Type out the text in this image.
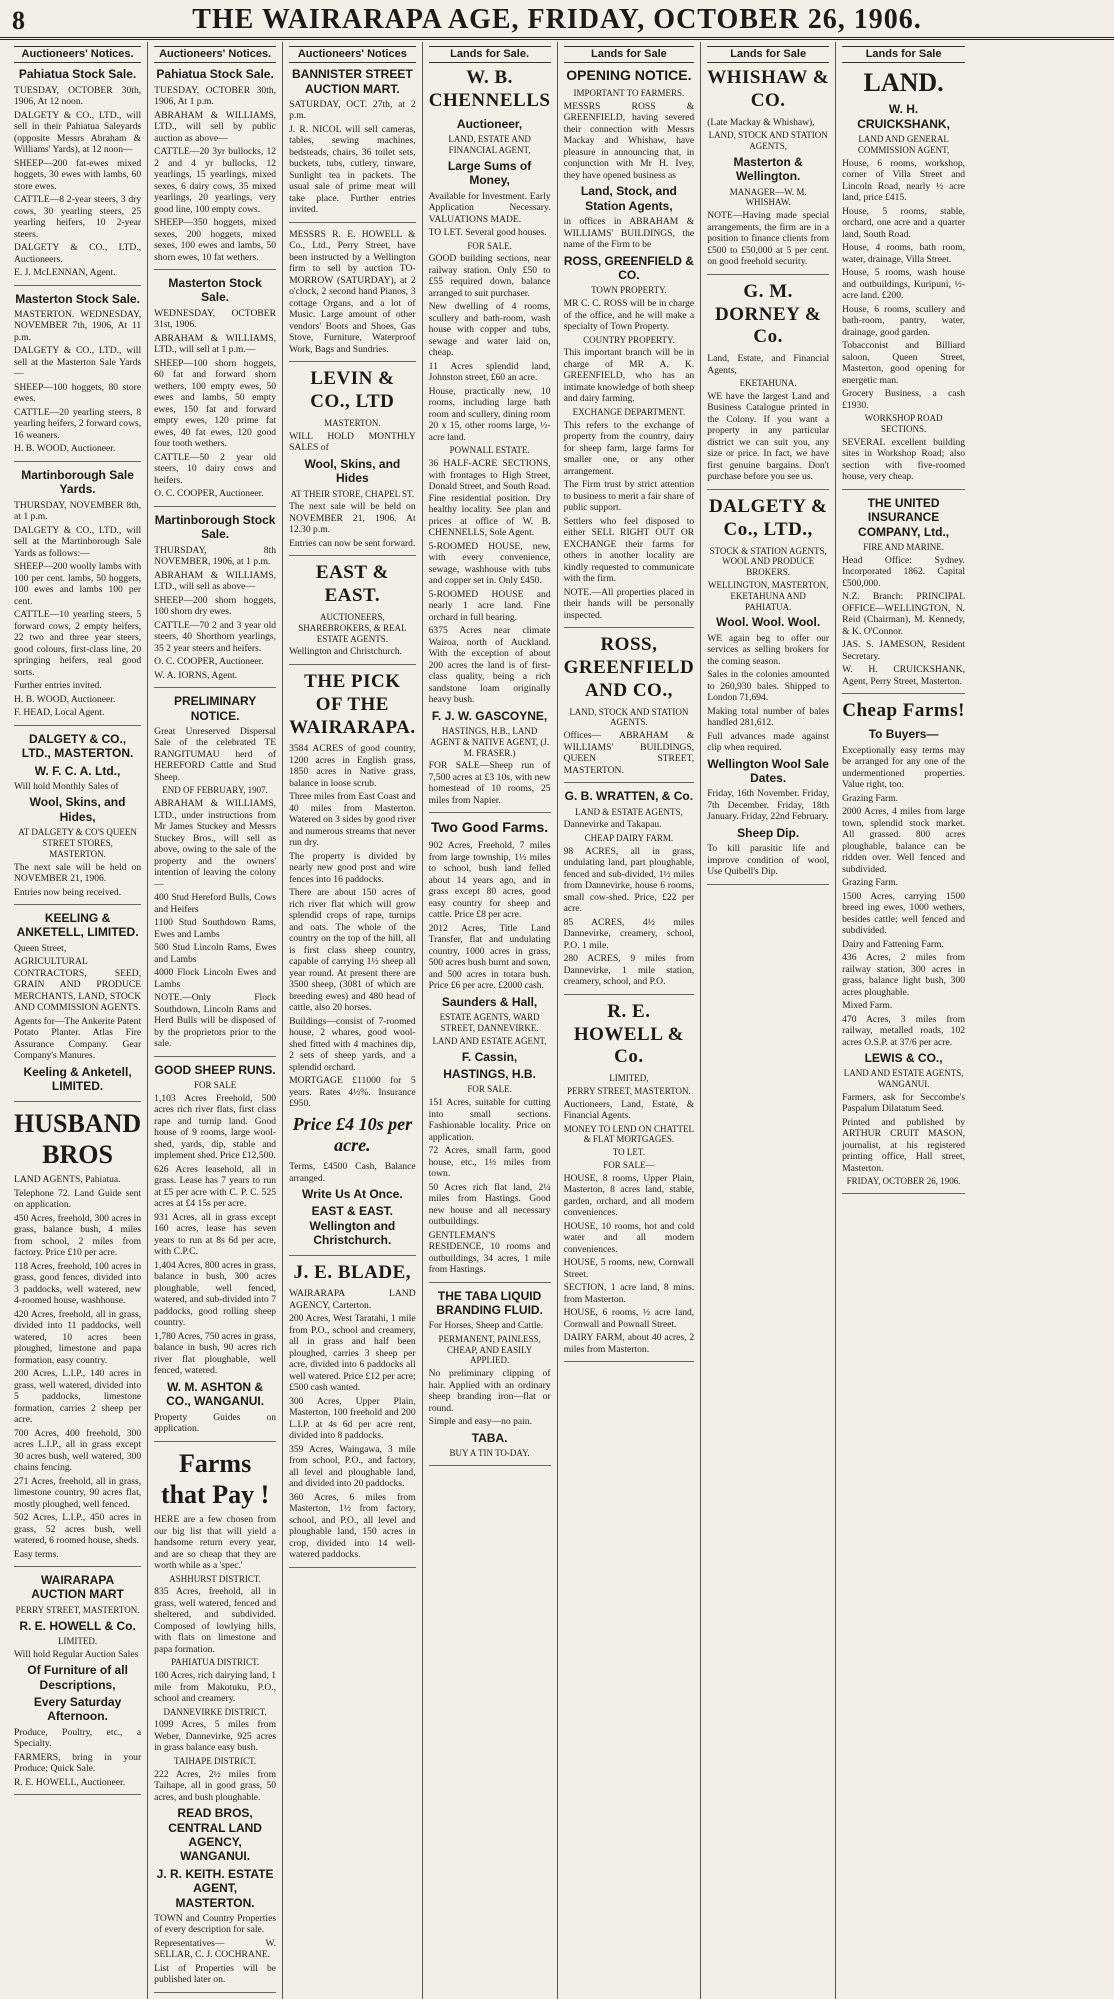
8	THE WAIRARAPA AGE, FRIDAY, OCTOBER 26, 1906.
Auctioneers' Notices.
Pahiatua Stock Sale.
TUESDAY, OCTOBER 30th, 1906, At 12 noon.
DALGETY & CO., LTD., will sell in their Pahiatua Saleyards (opposite Messrs Abraham & Williams' Yards), at 12 noon—
SHEEP—200 fat-ewes mixed hoggets, 30 ewes with lambs, 60 store ewes.
CATTLE—8 2-year steers, 3 dry cows, 30 yearling steers, 25 yearling heifers, 10 2-year steers.
DALGETY & CO., LTD., Auctioneers.
E. J. McLENNAN, Agent.
Masterton Stock Sale.
MASTERTON. WEDNESDAY, NOVEMBER 7th, 1906, At 11 p.m.
DALGETY & CO., LTD., will sell at the Masterton Sale Yards—
SHEEP—100 hoggets, 80 store ewes.
CATTLE—20 yearling steers, 8 yearling heifers, 2 forward cows, 16 weaners.
H. B. WOOD, Auctioneer.
Martinborough Sale Yards.
THURSDAY, NOVEMBER 8th, at 1 p.m.
DALGETY & CO., LTD., will sell at the Martinborough Sale Yards as follows:—
SHEEP—200 woolly lambs with 100 per cent. lambs, 50 hoggets, 100 ewes and lambs 100 per cent.
CATTLE—10 yearling steers, 5 forward cows, 2 empty heifers, 22 two and three year steers, good colours, first-class line, 20 springing heifers, real good sorts.
Further entries invited.
H. B. WOOD, Auctioneer.
F. HEAD, Local Agent.
DALGETY & CO., LTD., MASTERTON.
W. F. C. A. Ltd.,
Will hold Monthly Sales of
Wool, Skins, and Hides,
AT DALGETY & CO'S QUEEN STREET STORES, MASTERTON.
The next sale will be held on NOVEMBER 21, 1906.
Entries now being received.
KEELING & ANKETELL, LIMITED.
Queen Street,
AGRICULTURAL CONTRACTORS, SEED, GRAIN AND PRODUCE MERCHANTS, LAND, STOCK AND COMMISSION AGENTS.
Agents for—The Ankerite Patent Potato Planter. Atlas Fire Assurance Company. Gear Company's Manures.
Keeling & Anketell, LIMITED.
HUSBAND BROS
LAND AGENTS, Pahiatua.
Telephone 72. Land Guide sent on application.
450 Acres, freehold, 300 acres in grass, balance bush, 4 miles from school, 2 miles from factory. Price £10 per acre.
118 Acres, freehold, 100 acres in grass, good fences, divided into 3 paddocks, well watered, new 4-roomed house, washhouse.
420 Acres, freehold, all in grass, divided into 11 paddocks, well watered, 10 acres been ploughed, limestone and papa formation, easy country.
200 Acres, L.I.P., 140 acres in grass, well watered, divided into 5 paddocks, limestone formation, carries 2 sheep per acre.
700 Acres, 400 freehold, 300 acres L.I.P., all in grass except 30 acres bush, well watered, 300 chains fencing.
271 Acres, freehold, all in grass, limestone country, 90 acres flat, mostly ploughed, well fenced.
502 Acres, L.I.P., 450 acres in grass, 52 acres bush, well watered, 6 roomed house, sheds.
Easy terms.
WAIRARAPA AUCTION MART
PERRY STREET, MASTERTON.
R. E. HOWELL & Co.
LIMITED.
Will hold Regular Auction Sales
Of Furniture of all Descriptions,
Every Saturday Afternoon.
Produce, Poultry, etc., a Specialty.
FARMERS, bring in your Produce; Quick Sale.
R. E. HOWELL, Auctioneer.
Auctioneers' Notices.
Pahiatua Stock Sale.
TUESDAY, OCTOBER 30th, 1906, At 1 p.m.
ABRAHAM & WILLIAMS, LTD., will sell by public auction as above—
CATTLE—20 3yr bullocks, 12 2 and 4 yr bullocks, 12 yearlings, 15 yearlings, mixed sexes, 6 dairy cows, 35 mixed yearlings, 20 yearlings, very good line, 100 empty cows.
SHEEP—350 hoggets, mixed sexes, 200 hoggets, mixed sexes, 100 ewes and lambs, 50 shorn ewes, 10 fat wethers.
Masterton Stock Sale.
WEDNESDAY, OCTOBER 31st, 1906.
ABRAHAM & WILLIAMS, LTD., will sell at 1 p.m.—
SHEEP—100 shorn hoggets, 60 fat and forward shorn wethers, 100 empty ewes, 50 ewes and lambs, 50 empty ewes, 150 fat and forward empty ewes, 120 prime fat ewes, 40 fat ewes, 120 good four tooth wethers.
CATTLE—50 2 year old steers, 10 dairy cows and heifers.
O. C. COOPER, Auctioneer.
Martinborough Stock Sale.
THURSDAY, 8th NOVEMBER, 1906, at 1 p.m.
ABRAHAM & WILLIAMS, LTD., will sell as above—
SHEEP—200 shorn hoggets, 100 shorn dry ewes.
CATTLE—70 2 and 3 year old steers, 40 Shorthorn yearlings, 35 2 year steers and heifers.
O. C. COOPER, Auctioneer.
W. A. IORNS, Agent.
PRELIMINARY NOTICE.
Great Unreserved Dispersal Sale of the celebrated TE RANGITUMAU herd of HEREFORD Cattle and Stud Sheep.
END OF FEBRUARY, 1907.
ABRAHAM & WILLIAMS, LTD., under instructions from Mr James Stuckey and Messrs Stuckey Bros., will sell as above, owing to the sale of the property and the owners' intention of leaving the colony—
400 Stud Hereford Bulls, Cows and Heifers
1100 Stud Southdown Rams, Ewes and Lambs
500 Stud Lincoln Rams, Ewes and Lambs
4000 Flock Lincoln Ewes and Lambs
NOTE.—Only Flock Southdown, Lincoln Rams and Herd Bulls will be disposed of by the proprietors prior to the sale.
GOOD SHEEP RUNS.
FOR SALE
1,103 Acres Freehold, 500 acres rich river flats, first class rape and turnip land. Good house of 9 rooms, large wool-shed, yards, dip, stable and implement shed. Price £12,500.
626 Acres leasehold, all in grass. Lease has 7 years to run at £5 per acre with C. P. C. 525 acres at £4 15s per acre.
931 Acres, all in grass except 160 acres, lease has seven years to run at 8s 6d per acre, with C.P.C.
1,404 Acres, 800 acres in grass, balance in bush, 300 acres ploughable, well fenced, watered, and sub-divided into 7 paddocks, good rolling sheep country.
1,780 Acres, 750 acres in grass, balance in bush, 90 acres rich river flat ploughable, well fenced, watered.
W. M. ASHTON & CO., WANGANUI.
Property Guides on application.
Farms that Pay !
HERE are a few chosen from our big list that will yield a handsome return every year, and are so cheap that they are worth while as a 'spec.'
ASHHURST DISTRICT.
835 Acres, freehold, all in grass, well watered, fenced and sheltered, and subdivided. Composed of lowlying hills, with flats on limestone and papa formation.
PAHIATUA DISTRICT.
100 Acres, rich dairying land, 1 mile from Makotuku, P.O., school and creamery.
DANNEVIRKE DISTRICT.
1099 Acres, 5 miles from Weber, Dannevirke, 925 acres in grass balance easy bush.
TAIHAPE DISTRICT.
222 Acres, 2½ miles from Taihape, all in good grass, 50 acres, and bush ploughable.
READ BROS, CENTRAL LAND AGENCY, WANGANUI.
J. R. KEITH. ESTATE AGENT, MASTERTON.
TOWN and Country Properties of every description for sale.
Representatives— W. SELLAR, C. J. COCHRANE.
List of Properties will be published later on.
Auctioneers' Notices
BANNISTER STREET AUCTION MART.
SATURDAY, OCT. 27th, at 2 p.m.
J. R. NICOL will sell cameras, tables, sewing machines, bedsteads, chairs, 36 toilet sets, buckets, tubs, cutlery, tinware, Sunlight tea in packets. The usual sale of prime meat will take place. Further entries invited.
MESSRS R. E. HOWELL & Co., Ltd., Perry Street, have been instructed by a Wellington firm to sell by auction TO-MORROW (SATURDAY), at 2 o'clock, 2 second hand Pianos, 3 cottage Organs, and a lot of Music. Large amount of other vendors' Boots and Shoes, Gas Stove, Furniture, Waterproof Work, Bags and Sundries.
LEVIN & CO., LTD
MASTERTON.
WILL HOLD MONTHLY SALES of
Wool, Skins, and Hides
AT THEIR STORE, CHAPEL ST.
The next sale will be held on NOVEMBER 21, 1906. At 12.30 p.m.
Entries can now be sent forward.
EAST & EAST.
AUCTIONEERS, SHAREBROKERS, & REAL ESTATE AGENTS.
Wellington and Christchurch.
THE PICK OF THE WAIRARAPA.
3584 ACRES of good country, 1200 acres in English grass, 1850 acres in Native grass, balance in loose scrub.
Three miles from East Coast and 40 miles from Masterton. Watered on 3 sides by good river and numerous streams that never run dry.
The property is divided by nearly new good post and wire fences into 16 paddocks.
There are about 150 acres of rich river flat which will grow splendid crops of rape, turnips and oats. The whole of the country on the top of the hill, all is first class sheep country, capable of carrying 1½ sheep all year round. At present there are 3500 sheep, (3081 of which are breeding ewes) and 480 head of cattle, also 20 horses.
Buildings—consist of 7-roomed house, 2 whares, good wool-shed fitted with 4 machines dip, 2 sets of sheep yards, and a splendid orchard.
MORTGAGE £11000 for 5 years. Rates 4½%. Insurance £950.
Price £4 10s per acre.
Terms, £4500 Cash, Balance arranged.
Write Us At Once.
EAST & EAST. Wellington and Christchurch.
J. E. BLADE,
WAIRARAPA LAND AGENCY, Carterton.
200 Acres, West Taratahi, 1 mile from P.O., school and creamery, all in grass and half been ploughed, carries 3 sheep per acre, divided into 6 paddocks all well watered. Price £12 per acre; £500 cash wanted.
300 Acres, Upper Plain, Masterton, 100 freehold and 200 L.I.P. at 4s 6d per acre rent, divided into 8 paddocks.
359 Acres, Waingawa, 3 mile from school, P.O., and factory, all level and ploughable land, and divided into 20 paddocks.
360 Acres, 6 miles from Masterton, 1½ from factory, school, and P.O., all level and ploughable land, 150 acres in crop, divided into 14 well-watered paddocks.
Lands for Sale.
W. B. CHENNELLS
Auctioneer,
LAND, ESTATE AND FINANCIAL AGENT,
Large Sums of Money,
Available for Investment. Early Application Necessary. VALUATIONS MADE.
TO LET. Several good houses.
FOR SALE.
GOOD building sections, near railway station. Only £50 to £55 required down, balance arranged to suit purchaser.
New dwelling of 4 rooms, scullery and bath-room, wash house with copper and tubs, sewage and water laid on, cheap.
11 Acres splendid land, Johnston street, £60 an acre.
House, practically new, 10 rooms, including large bath room and scullery, dining room 20 x 15, other rooms large, ½-acre land.
POWNALL ESTATE.
36 HALF-ACRE SECTIONS, with frontages to High Street, Donald Street, and South Road. Fine residential position. Dry healthy locality. See plan and prices at office of W. B. CHENNELLS, Sole Agent.
5-ROOMED HOUSE, new, with every convenience, sewage, washhouse with tubs and copper set in. Only £450.
5-ROOMED HOUSE and nearly 1 acre land. Fine orchard in full bearing.
6375 Acres near climate Wairoa, north of Auckland. With the exception of about 200 acres the land is of first-class quality, being a rich sandstone loam originally heavy bush.
F. J. W. GASCOYNE,
HASTINGS, H.B., LAND AGENT & NATIVE AGENT, (J. M. FRASER.)
FOR SALE—Sheep run of 7,500 acres at £3 10s, with new homestead of 10 rooms, 25 miles from Napier.
Two Good Farms.
902 Acres, Freehold, 7 miles from large township, 1½ miles to school, bush land felled about 14 years ago, and in grass except 80 acres, good easy country for sheep and cattle. Price £8 per acre.
2012 Acres, Title Land Transfer, flat and undulating country, 1000 acres in grass, 500 acres bush burnt and sown, and 500 acres in totara bush. Price £6 per acre. £2000 cash.
Saunders & Hall,
ESTATE AGENTS, WARD STREET, DANNEVIRKE.
LAND AND ESTATE AGENT,
F. Cassin,
HASTINGS, H.B.
FOR SALE.
151 Acres, suitable for cutting into small sections. Fashionable locality. Price on application.
72 Acres, small farm, good house, etc., 1½ miles from town.
50 Acres rich flat land, 2¼ miles from Hastings. Good new house and all necessary outbuildings.
GENTLEMAN'S RESIDENCE, 10 rooms and outbuildings, 34 acres, 1 mile from Hastings.
THE TABA LIQUID BRANDING FLUID.
For Horses, Sheep and Cattle.
PERMANENT, PAINLESS, CHEAP, AND EASILY APPLIED.
No preliminary clipping of hair. Applied with an ordinary sheep branding iron—flat or round.
Simple and easy—no pain.
TABA.
BUY A TIN TO-DAY.
Lands for Sale
OPENING NOTICE.
IMPORTANT TO FARMERS.
MESSRS ROSS & GREENFIELD, having severed their connection with Messrs Mackay and Whishaw, have pleasure in announcing that, in conjunction with Mr H. Ivey, they have opened business as
Land, Stock, and Station Agents,
in offices in ABRAHAM & WILLIAMS' BUILDINGS, the name of the Firm to be
ROSS, GREENFIELD & CO.
TOWN PROPERTY.
MR C. C. ROSS will be in charge of the office, and he will make a specialty of Town Property.
COUNTRY PROPERTY.
This important branch will be in charge of MR A. K. GREENFIELD, who has an intimate knowledge of both sheep and dairy farming.
EXCHANGE DEPARTMENT.
This refers to the exchange of property from the country, dairy for sheep farm, large farms for smaller one, or any other arrangement.
The Firm trust by strict attention to business to merit a fair share of public support.
Settlers who feel disposed to either SELL RIGHT OUT OR EXCHANGE their farms for others in another locality are kindly requested to communicate with the firm.
NOTE.—All properties placed in their hands will be personally inspected.
ROSS, GREENFIELD AND CO.,
LAND, STOCK AND STATION AGENTS.
Offices— ABRAHAM & WILLIAMS' BUILDINGS, QUEEN STREET, MASTERTON.
G. B. WRATTEN, & Co.
LAND & ESTATE AGENTS,
Dannevirke and Takapau.
CHEAP DAIRY FARM.
98 ACRES, all in grass, undulating land, part ploughable, fenced and sub-divided, 1½ miles from Dannevirke, house 6 rooms, small cow-shed. Price, £22 per acre.
85 ACRES, 4½ miles Dannevirke, creamery, school, P.O. 1 mile.
280 ACRES, 9 miles from Dannevirke, 1 mile station, creamery, school, and P.O.
R. E. HOWELL & Co.
LIMITED,
PERRY STREET, MASTERTON.
Auctioneers, Land, Estate, & Financial Agents.
MONEY TO LEND ON CHATTEL & FLAT MORTGAGES.
TO LET.
FOR SALE—
HOUSE, 8 rooms, Upper Plain, Masterton, 8 acres land, stable, garden, orchard, and all modern conveniences.
HOUSE, 10 rooms, hot and cold water and all modern conveniences.
HOUSE, 5 rooms, new, Cornwall Street.
SECTION, 1 acre land, 8 mins. from Masterton.
HOUSE, 6 rooms, ½ acre land, Cornwall and Pownall Street.
DAIRY FARM, about 40 acres, 2 miles from Masterton.
Lands for Sale
WHISHAW & CO.
(Late Mackay & Whishaw),
LAND, STOCK AND STATION AGENTS,
Masterton & Wellington.
MANAGER—W. M. WHISHAW.
NOTE—Having made special arrangements, the firm are in a position to finance clients from £500 to £50,000 at 5 per cent. on good freehold security.
G. M. DORNEY & Co.
Land, Estate, and Financial Agents,
EKETAHUNA.
WE have the largest Land and Business Catalogue printed in the Colony. If you want a property in any particular district we can suit you, any size or price. In fact, we have first genuine bargains. Don't purchase before you see us.
DALGETY & Co., LTD.,
STOCK & STATION AGENTS, WOOL AND PRODUCE BROKERS.
WELLINGTON, MASTERTON, EKETAHUNA AND PAHIATUA.
Wool. Wool. Wool.
WE again beg to offer our services as selling brokers for the coming season.
Sales in the colonies amounted to 260,930 bales. Shipped to London 71,694.
Making total number of bales handled 281,612.
Full advances made against clip when required.
Wellington Wool Sale Dates.
Friday, 16th November. Friday, 7th December. Friday, 18th January. Friday, 22nd February.
Sheep Dip.
To kill parasitic life and improve condition of wool, Use Quibell's Dip.
Lands for Sale
LAND.
W. H. CRUICKSHANK,
LAND AND GENERAL COMMISSION AGENT,
House, 6 rooms, workshop, corner of Villa Street and Lincoln Road, nearly ½ acre land, price £415.
House, 5 rooms, stable, orchard, one acre and a quarter land, South Road.
House, 4 rooms, bath room, water, drainage, Villa Street.
House, 5 rooms, wash house and outbuildings, Kuripuni, ½-acre land. £200.
House, 6 rooms, scullery and bath-room, pantry, water, drainage, good garden.
Tobacconist and Billiard saloon, Queen Street, Masterton, good opening for energetic man.
Grocery Business, a cash £1930.
WORKSHOP ROAD SECTIONS.
SEVERAL excellent building sites in Workshop Road; also section with five-roomed house, very cheap.
THE UNITED INSURANCE COMPANY, Ltd.,
FIRE AND MARINE.
Head Office: Sydney. Incorporated 1862. Capital £500,000.
N.Z. Branch: PRINCIPAL OFFICE—WELLINGTON, N. Reid (Chairman), M. Kennedy, & K. O'Connor.
JAS. S. JAMESON, Resident Secretary.
W. H. CRUICKSHANK, Agent, Perry Street, Masterton.
Cheap Farms!
To Buyers—
Exceptionally easy terms may be arranged for any one of the undermentioned properties. Value right, too.
Grazing Farm.
2000 Acres, 4 miles from large town, splendid stock market. All grassed. 800 acres ploughable, balance can be ridden over. Well fenced and subdivided.
Grazing Farm.
1500 Acres, carrying 1500 breed ing ewes, 1000 wethers, besides cattle; well fenced and subdivided.
Dairy and Fattening Farm.
436 Acres, 2 miles from railway station, 300 acres in grass, balance light bush, 300 acres ploughable.
Mixed Farm.
470 Acres, 3 miles from railway, metalled roads, 102 acres O.S.P. at 37/6 per acre.
LEWIS & CO.,
LAND AND ESTATE AGENTS, WANGANUI.
Farmers, ask for Seccombe's Paspalum Dilatatum Seed.
Printed and published by ARTHUR CRUIT MASON, journalist, at his registered printing office, Hall street, Masterton.
FRIDAY, OCTOBER 26, 1906.
